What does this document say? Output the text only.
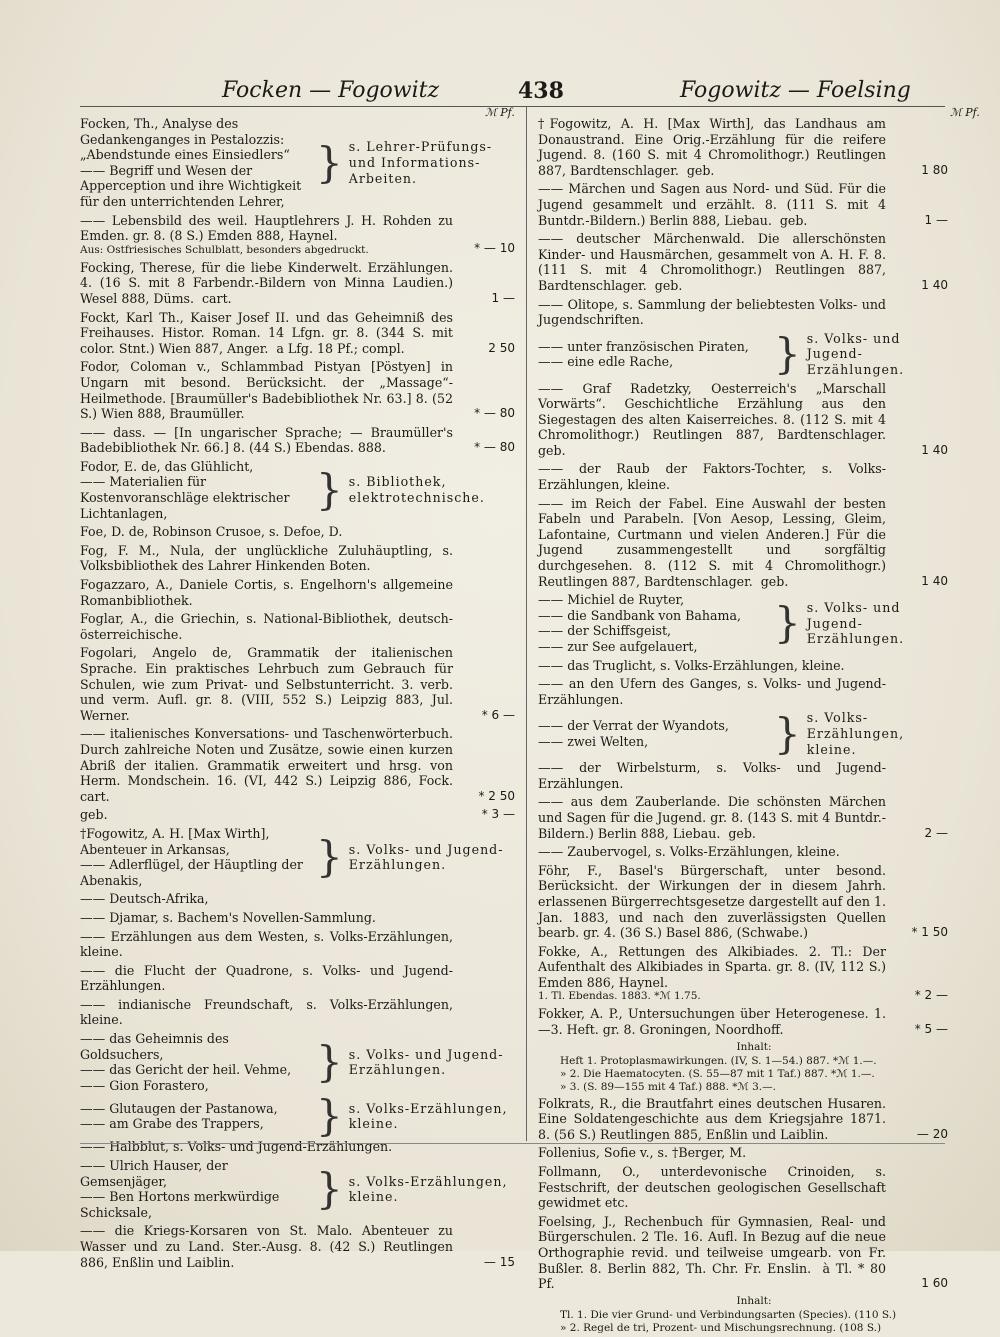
Focken — Fogowitz	438	Fogowitz — Foelsing
ℳ Pf.	ℳ Pf.
Focken, Th., Analyse des Gedankenganges in Pestalozzis: „Abendstunde eines Einsiedlers“
—— Begriff und Wesen der Apperception und ihre Wichtigkeit für den unterrichtenden Lehrer,
} s. Lehrer-Prüfungs- und Informations-Arbeiten.
—— Lebensbild des weil. Hauptlehrers J. H. Rohden zu Emden. gr. 8. (8 S.) Emden 888, Haynel.
Aus: Ostfriesisches Schulblatt, besonders abgedruckt.	* — 10
Focking, Therese, für die liebe Kinderwelt. Erzählungen. 4. (16 S. mit 8 Farbendr.-Bildern von Minna Laudien.) Wesel 888, Düms.  cart.	1 —
Fockt, Karl Th., Kaiser Josef II. und das Geheimniß des Freihauses. Histor. Roman. 14 Lfgn. gr. 8. (344 S. mit color. Stnt.) Wien 887, Anger.  a Lfg. 18 Pf.; compl.	2 50
Fodor, Coloman v., Schlammbad Pistyan [Pöstyen] in Ungarn mit besond. Berücksicht. der „Massage“-Heilmethode. [Braumüller's Badebibliothek Nr. 63.] 8. (52 S.) Wien 888, Braumüller.	* — 80
—— dass. — [In ungarischer Sprache; — Braumüller's Badebibliothek Nr. 66.] 8. (44 S.) Ebendas. 888.	* — 80
Fodor, E. de, das Glühlicht,
—— Materialien für Kostenvoranschläge elektrischer Lichtanlagen,	} s. Bibliothek, elektrotechnische.
Foe, D. de, Robinson Crusoe, s. Defoe, D.
Fog, F. M., Nula, der unglückliche Zuluhäuptling, s. Volksbibliothek des Lahrer Hinkenden Boten.
Fogazzaro, A., Daniele Cortis, s. Engelhorn's allgemeine Romanbibliothek.
Foglar, A., die Griechin, s. National-Bibliothek, deutsch-österreichische.
Fogolari, Angelo de, Grammatik der italienischen Sprache. Ein praktisches Lehrbuch zum Gebrauch für Schulen, wie zum Privat- und Selbstunterricht. 3. verb. und verm. Aufl. gr. 8. (VIII, 552 S.) Leipzig 883, Jul. Werner.	* 6 —
—— italienisches Konversations- und Taschenwörterbuch. Durch zahlreiche Noten und Zusätze, sowie einen kurzen Abriß der italien. Grammatik erweitert und hrsg. von Herm. Mondschein. 16. (VI, 442 S.) Leipzig 886, Fock.  cart.	* 2 50
geb.	* 3 —
†Fogowitz, A. H. [Max Wirth], Abenteuer in Arkansas,
—— Adlerflügel, der Häuptling der Abenakis,	} s. Volks- und Jugend-Erzählungen.
—— Deutsch-Afrika,
—— Djamar, s. Bachem's Novellen-Sammlung.
—— Erzählungen aus dem Westen, s. Volks-Erzählungen, kleine.
—— die Flucht der Quadrone, s. Volks- und Jugend-Erzählungen.
—— indianische Freundschaft, s. Volks-Erzählungen, kleine.
—— das Geheimnis des Goldsuchers,
—— das Gericht der heil. Vehme,
—— Gion Forastero,	} s. Volks- und Jugend-Erzählungen.
—— Glutaugen der Pastanowa,
—— am Grabe des Trappers,	} s. Volks-Erzählungen, kleine.
—— Halbblut, s. Volks- und Jugend-Erzählungen.
—— Ulrich Hauser, der Gemsenjäger,
—— Ben Hortons merkwürdige Schicksale,	} s. Volks-Erzählungen, kleine.
—— die Kriegs-Korsaren von St. Malo. Abenteuer zu Wasser und zu Land. Ster.-Ausg. 8. (42 S.) Reutlingen 886, Enßlin und Laiblin.	— 15
†Fogowitz, A. H. [Max Wirth], das Landhaus am Donaustrand. Eine Orig.-Erzählung für die reifere Jugend. 8. (160 S. mit 4 Chromolithogr.) Reutlingen 887, Bardtenschlager.  geb.	1 80
—— Märchen und Sagen aus Nord- und Süd. Für die Jugend gesammelt und erzählt. 8. (111 S. mit 4 Buntdr.-Bildern.) Berlin 888, Liebau.  geb.	1 —
—— deutscher Märchenwald. Die allerschönsten Kinder- und Hausmärchen, gesammelt von A. H. F. 8. (111 S. mit 4 Chromolithogr.) Reutlingen 887, Bardtenschlager.  geb.	1 40
—— Olitope, s. Sammlung der beliebtesten Volks- und Jugendschriften.
—— unter französischen Piraten,
—— eine edle Rache,	} s. Volks- und Jugend-Erzählungen.
—— Graf Radetzky, Oesterreich's „Marschall Vorwärts“. Geschichtliche Erzählung aus den Siegestagen des alten Kaiserreiches. 8. (112 S. mit 4 Chromolithogr.) Reutlingen 887, Bardtenschlager.  geb.	1 40
—— der Raub der Faktors-Tochter, s. Volks-Erzählungen, kleine.
—— im Reich der Fabel. Eine Auswahl der besten Fabeln und Parabeln. [Von Aesop, Lessing, Gleim, Lafontaine, Curtmann und vielen Anderen.] Für die Jugend zusammengestellt und sorgfältig durchgesehen. 8. (112 S. mit 4 Chromolithogr.) Reutlingen 887, Bardtenschlager.  geb.	1 40
—— Michiel de Ruyter,
—— die Sandbank von Bahama,
—— der Schiffsgeist,
—— zur See aufgelauert,	} s. Volks- und Jugend-Erzählungen.
—— das Truglicht, s. Volks-Erzählungen, kleine.
—— an den Ufern des Ganges, s. Volks- und Jugend-Erzählungen.
—— der Verrat der Wyandots,
—— zwei Welten,	} s. Volks-Erzählungen, kleine.
—— der Wirbelsturm, s. Volks- und Jugend-Erzählungen.
—— aus dem Zauberlande. Die schönsten Märchen und Sagen für die Jugend. gr. 8. (143 S. mit 4 Buntdr.-Bildern.) Berlin 888, Liebau.  geb.	2 —
—— Zaubervogel, s. Volks-Erzählungen, kleine.
Föhr, F., Basel's Bürgerschaft, unter besond. Berücksicht. der Wirkungen der in diesem Jahrh. erlassenen Bürgerrechtsgesetze dargestellt auf den 1. Jan. 1883, und nach den zuverlässigsten Quellen bearb. gr. 4. (36 S.) Basel 886, (Schwabe.)	* 1 50
Fokke, A., Rettungen des Alkibiades. 2. Tl.: Der Aufenthalt des Alkibiades in Sparta. gr. 8. (IV, 112 S.) Emden 886, Haynel.
1. Tl. Ebendas. 1883. *ℳ 1.75.	* 2 —
Fokker, A. P., Untersuchungen über Heterogenese. 1.—3. Heft. gr. 8. Groningen, Noordhoff.	* 5 —
Inhalt:
Heft 1. Protoplasmawirkungen. (IV, S. 1—54.) 887. *ℳ 1.—.
» 2. Die Haematocyten. (S. 55—87 mit 1 Taf.) 887. *ℳ 1.—.
» 3. (S. 89—155 mit 4 Taf.) 888. *ℳ 3.—.
Folkrats, R., die Brautfahrt eines deutschen Husaren. Eine Soldatengeschichte aus dem Kriegsjahre 1871. 8. (56 S.) Reutlingen 885, Enßlin und Laiblin.	— 20
Follenius, Sofie v., s. †Berger, M.
Follmann, O., unterdevonische Crinoiden, s. Festschrift, der deutschen geologischen Gesellschaft gewidmet etc.
Foelsing, J., Rechenbuch für Gymnasien, Real- und Bürgerschulen. 2 Tle. 16. Aufl. In Bezug auf die neue Orthographie revid. und teilweise umgearb. von Fr. Bußler. 8. Berlin 882, Th. Chr. Fr. Enslin.  à Tl. * 80 Pf.	1 60
Inhalt:
Tl. 1. Die vier Grund- und Verbindungsarten (Species). (110 S.)
» 2. Regel de tri, Prozent- und Mischungsrechnung. (108 S.)
